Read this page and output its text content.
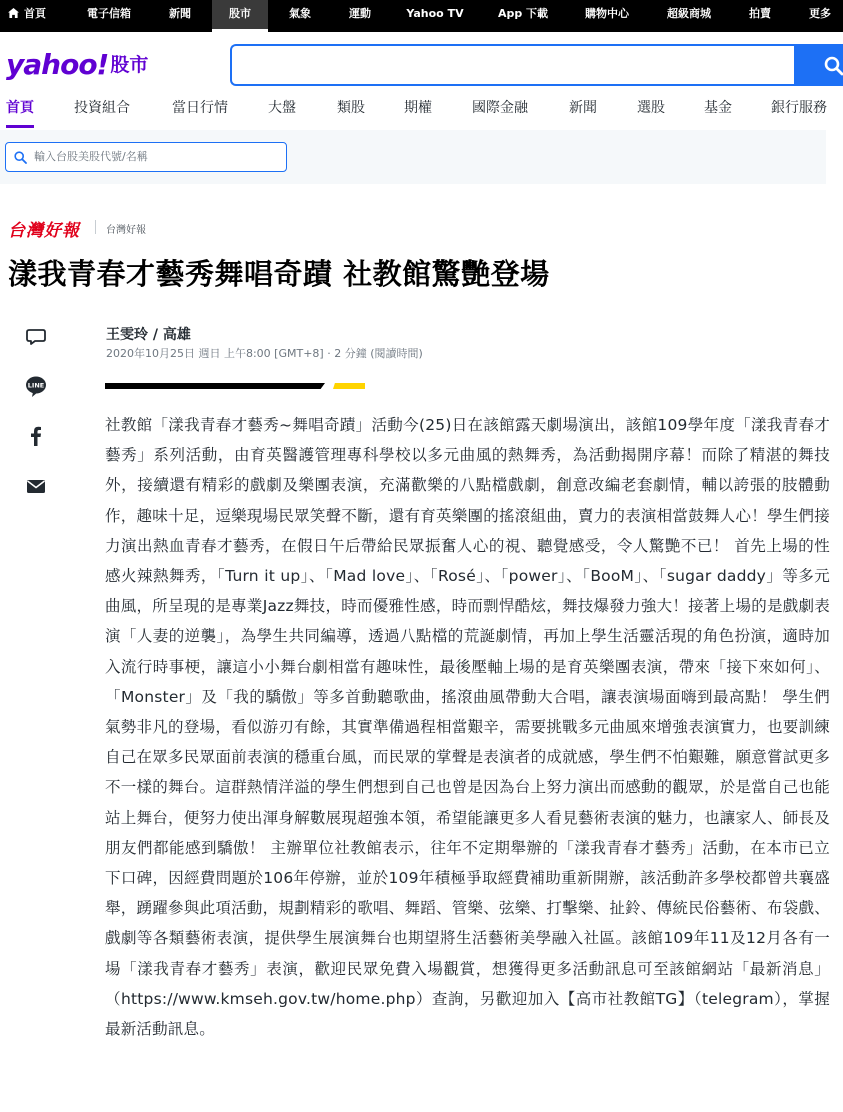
首頁	電子信箱	新聞	股市	氣象	運動	Yahoo TV	App 下載	購物中心	超級商城	拍賣	更多
yahoo! 股市
首頁	投資組合	當日行情	大盤	類股	期權	國際金融	新聞	選股	基金	銀行服務
輸入台股美股代號/名稱
台灣好報	台灣好報
漾我青春才藝秀舞唱奇蹟 社教館驚艷登場
LINE
王雯玲 / 高雄
2020年10月25日 週日 上午8:00 [GMT+8] · 2 分鐘 (閱讀時間)
社教館「漾我青春才藝秀~舞唱奇蹟」活動今(25)日在該館露天劇場演出，該館109學年度「漾我青春才藝秀」系列活動，由育英醫護管理專科學校以多元曲風的熱舞秀，為活動揭開序幕！而除了精湛的舞技外，接續還有精彩的戲劇及樂團表演，充滿歡樂的八點檔戲劇，創意改編老套劇情，輔以誇張的肢體動作，趣味十足，逗樂現場民眾笑聲不斷，還有育英樂團的搖滾組曲，賣力的表演相當鼓舞人心！學生們接力演出熱血青春才藝秀，在假日午后帶給民眾振奮人心的視、聽覺感受，令人驚艷不已！ 首先上場的性感火辣熱舞秀，「Turn it up」、「Mad love」、「Rosé」、「power」、「BooM」、「sugar daddy」等多元曲風，所呈現的是專業Jazz舞技，時而優雅性感，時而剽悍酷炫，舞技爆發力強大！接著上場的是戲劇表演「人妻的逆襲」，為學生共同編導，透過八點檔的荒誕劇情，再加上學生活靈活現的角色扮演，適時加入流行時事梗，讓這小小舞台劇相當有趣味性，最後壓軸上場的是育英樂團表演，帶來「接下來如何」、「Monster」及「我的驕傲」等多首動聽歌曲，搖滾曲風帶動大合唱，讓表演場面嗨到最高點！ 學生們氣勢非凡的登場，看似游刃有餘，其實準備過程相當艱辛，需要挑戰多元曲風來增強表演實力，也要訓練自己在眾多民眾面前表演的穩重台風，而民眾的掌聲是表演者的成就感，學生們不怕艱難，願意嘗試更多不一樣的舞台。這群熱情洋溢的學生們想到自己也曾是因為台上努力演出而感動的觀眾，於是當自己也能站上舞台，便努力使出渾身解數展現超強本領，希望能讓更多人看見藝術表演的魅力，也讓家人、師長及朋友們都能感到驕傲！ 主辦單位社教館表示，往年不定期舉辦的「漾我青春才藝秀」活動，在本市已立下口碑，因經費問題於106年停辦，並於109年積極爭取經費補助重新開辦，該活動許多學校都曾共襄盛舉，踴躍參與此項活動，規劃精彩的歌唱、舞蹈、管樂、弦樂、打擊樂、扯鈴、傳統民俗藝術、布袋戲、戲劇等各類藝術表演，提供學生展演舞台也期望將生活藝術美學融入社區。該館109年11及12月各有一場「漾我青春才藝秀」表演，歡迎民眾免費入場觀賞，想獲得更多活動訊息可至該館網站「最新消息」（https://www.kmseh.gov.tw/home.php）查詢，另歡迎加入【高市社教館TG】（telegram），掌握最新活動訊息。
